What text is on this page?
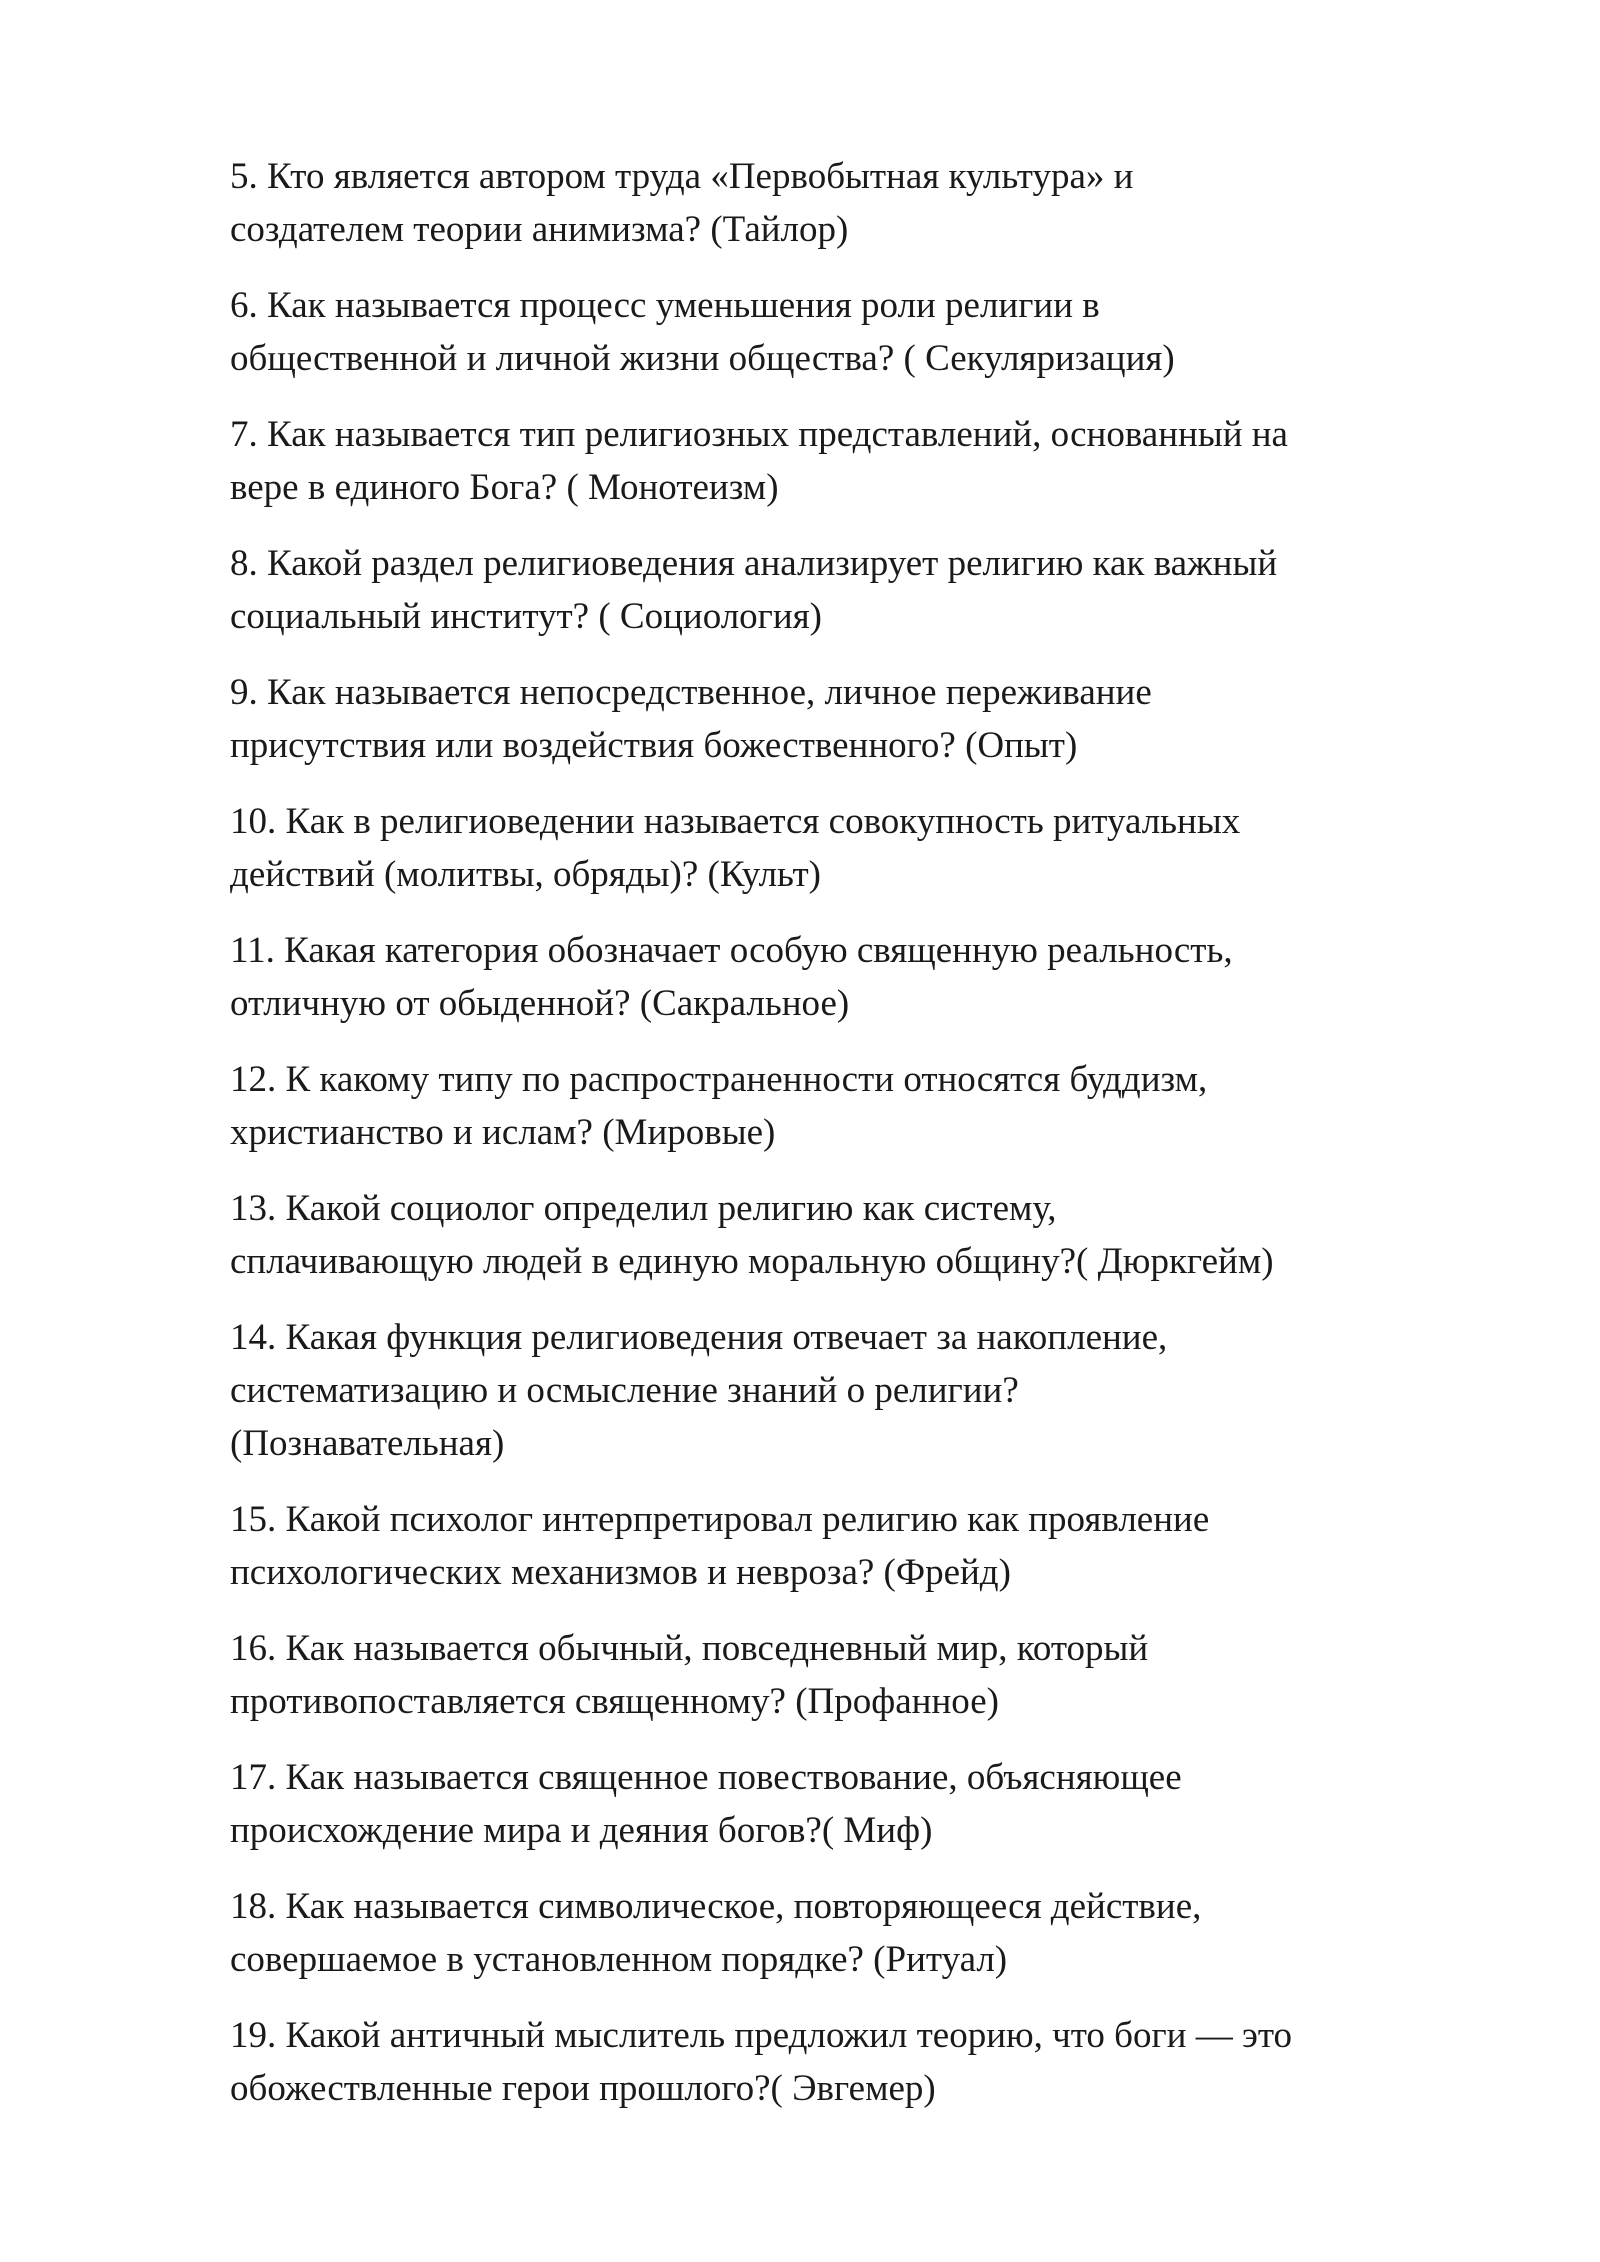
5. Кто является автором труда «Первобытная культура» и
создателем теории анимизма? (Тайлор)
6. Как называется процесс уменьшения роли религии в
общественной и личной жизни общества? ( Секуляризация)
7. Как называется тип религиозных представлений, основанный на
вере в единого Бога? ( Монотеизм)
8. Какой раздел религиоведения анализирует религию как важный
социальный институт? ( Социология)
9. Как называется непосредственное, личное переживание
присутствия или воздействия божественного? (Опыт)
10. Как в религиоведении называется совокупность ритуальных
действий (молитвы, обряды)? (Культ)
11. Какая категория обозначает особую священную реальность,
отличную от обыденной? (Сакральное)
12. К какому типу по распространенности относятся буддизм,
христианство и ислам? (Мировые)
13. Какой социолог определил религию как систему,
сплачивающую людей в единую моральную общину?( Дюркгейм)
14. Какая функция религиоведения отвечает за накопление,
систематизацию и осмысление знаний о религии?
(Познавательная)
15. Какой психолог интерпретировал религию как проявление
психологических механизмов и невроза? (Фрейд)
16. Как называется обычный, повседневный мир, который
противопоставляется священному? (Профанное)
17. Как называется священное повествование, объясняющее
происхождение мира и деяния богов?( Миф)
18. Как называется символическое, повторяющееся действие,
совершаемое в установленном порядке? (Ритуал)
19. Какой античный мыслитель предложил теорию, что боги — это
обожествленные герои прошлого?( Эвгемер)
